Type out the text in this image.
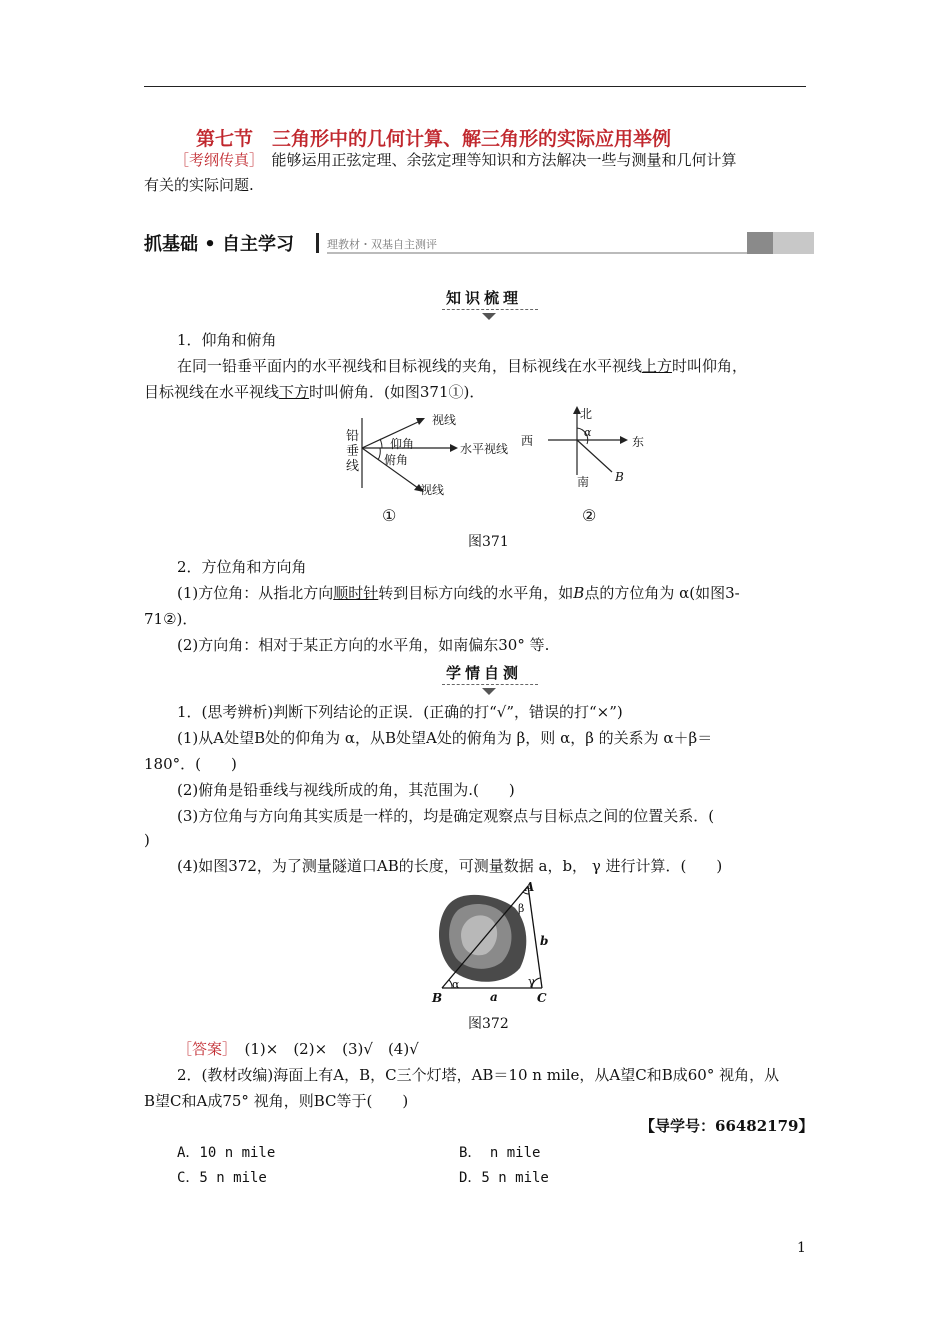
第七节　三角形中的几何计算、解三角形的实际应用举例
［考纲传真］　能够运用正弦定理、余弦定理等知识和方法解决一些与测量和几何计算
有关的实际问题.
抓基础 • 自主学习	理教材・双基自主测评
知识梳理
1．仰角和俯角
在同一铅垂平面内的水平视线和目标视线的夹角，目标视线在水平视线上方时叫仰角，
目标视线在水平视线下方时叫俯角．(如图371①)．
铅
垂
线
视线
仰角	水平视线
俯角
视线
北
西	东
α
南 B
①	②
图371
2．方位角和方向角
(1)方位角：从指北方向顺时针转到目标方向线的水平角，如B点的方位角为 α(如图3-
71②)．
(2)方向角：相对于某正方向的水平角，如南偏东30° 等.
学情自测
1．(思考辨析)判断下列结论的正误．(正确的打“√”，错误的打“×”)
(1)从A处望B处的仰角为 α，从B处望A处的俯角为 β，则 α，β 的关系为 α＋β＝
180°．(　　)
(2)俯角是铅垂线与视线所成的角，其范围为.(　　)
(3)方位角与方向角其实质是一样的，均是确定观察点与目标点之间的位置关系．(
)
(4)如图372，为了测量隧道口AB的长度，可测量数据 a，b， γ 进行计算．(　　)
A
β
b
γ
α
B	a	C
图372
［答案］　(1)×　(2)×　(3)√　(4)√
2．(教材改编)海面上有A，B，C三个灯塔，AB＝10 n mile，从A望C和B成60° 视角，从
B望C和A成75° 视角，则BC等于(　　)
【导学号：66482179】
A．10 n mile	B． n mile
C．5 n mile	D．5 n mile
1
